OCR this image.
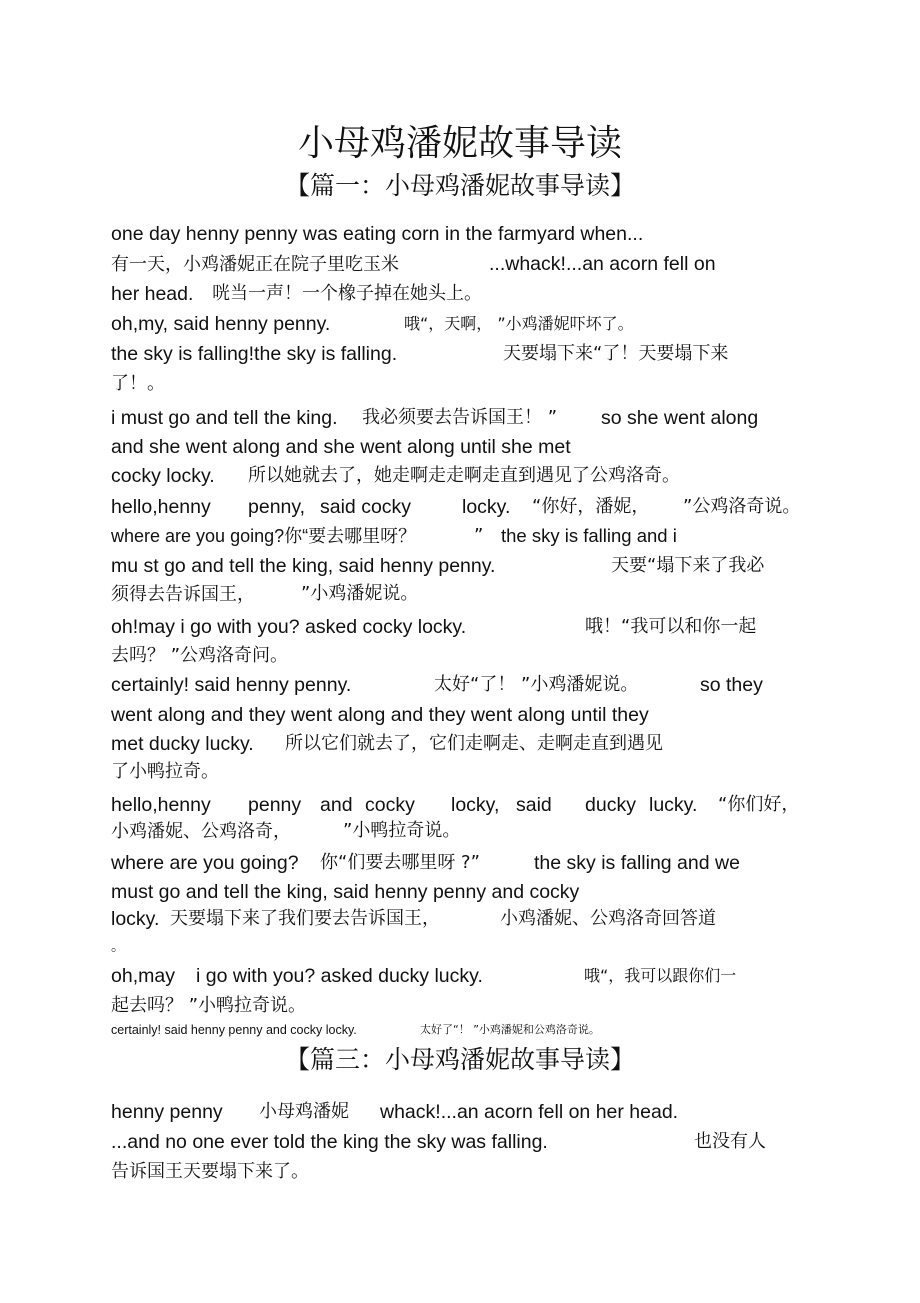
小母鸡潘妮故事导读
【篇一：小母鸡潘妮故事导读】
one day henny penny was eating corn in the farmyard when...
有一天，小鸡潘妮正在院子里吃玉米	...whack!...an acorn fell on
her head. 咣当一声！一个橡子掉在她头上。
oh,my, said henny penny.	哦“，天啊， ”小鸡潘妮吓坏了。
the sky is falling!the sky is falling.	天要塌下来“了！天要塌下来
了！。
i must go and tell the king. 我必须要去告诉国王！ ” so she went along
and she went along and she went along until she met
cocky locky. 所以她就去了，她走啊走走啊走直到遇见了公鸡洛奇。
hello,henny penny, said cocky	locky. “你好，潘妮， ”公鸡洛奇说。
where are you going?你“要去哪里呀？	” the sky is falling and i
mu st go and tell the king, said henny penny.	天要“塌下来了我必
须得去告诉国王，	”小鸡潘妮说。
oh!may i go with you? asked cocky locky.	哦！“我可以和你一起
去吗？ ”公鸡洛奇问。
certainly! said henny penny.	太好“了！ ”小鸡潘妮说。	so they
went along and they went along and they went along until they
met ducky lucky. 所以它们就去了，它们走啊走、走啊走直到遇见
了小鸭拉奇。
hello,henny penny and cocky locky, said ducky lucky. “你们好，
小鸡潘妮、公鸡洛奇，	”小鸭拉奇说。
where are you going? 你“们要去哪里呀 ?”	the sky is falling and we
must go and tell the king, said henny penny and cocky
locky. 天要塌下来了我们要去告诉国王，	小鸡潘妮、公鸡洛奇回答道
。
oh,may i go with you? asked ducky lucky.	哦“，我可以跟你们一
起去吗？ ”小鸭拉奇说。
certainly! said henny penny and cocky locky.	太好了“！ ”小鸡潘妮和公鸡洛奇说。
【篇三：小母鸡潘妮故事导读】
henny penny 小母鸡潘妮 whack!...an acorn fell on her head.
...and no one ever told the king the sky was falling.	也没有人
告诉国王天要塌下来了。
